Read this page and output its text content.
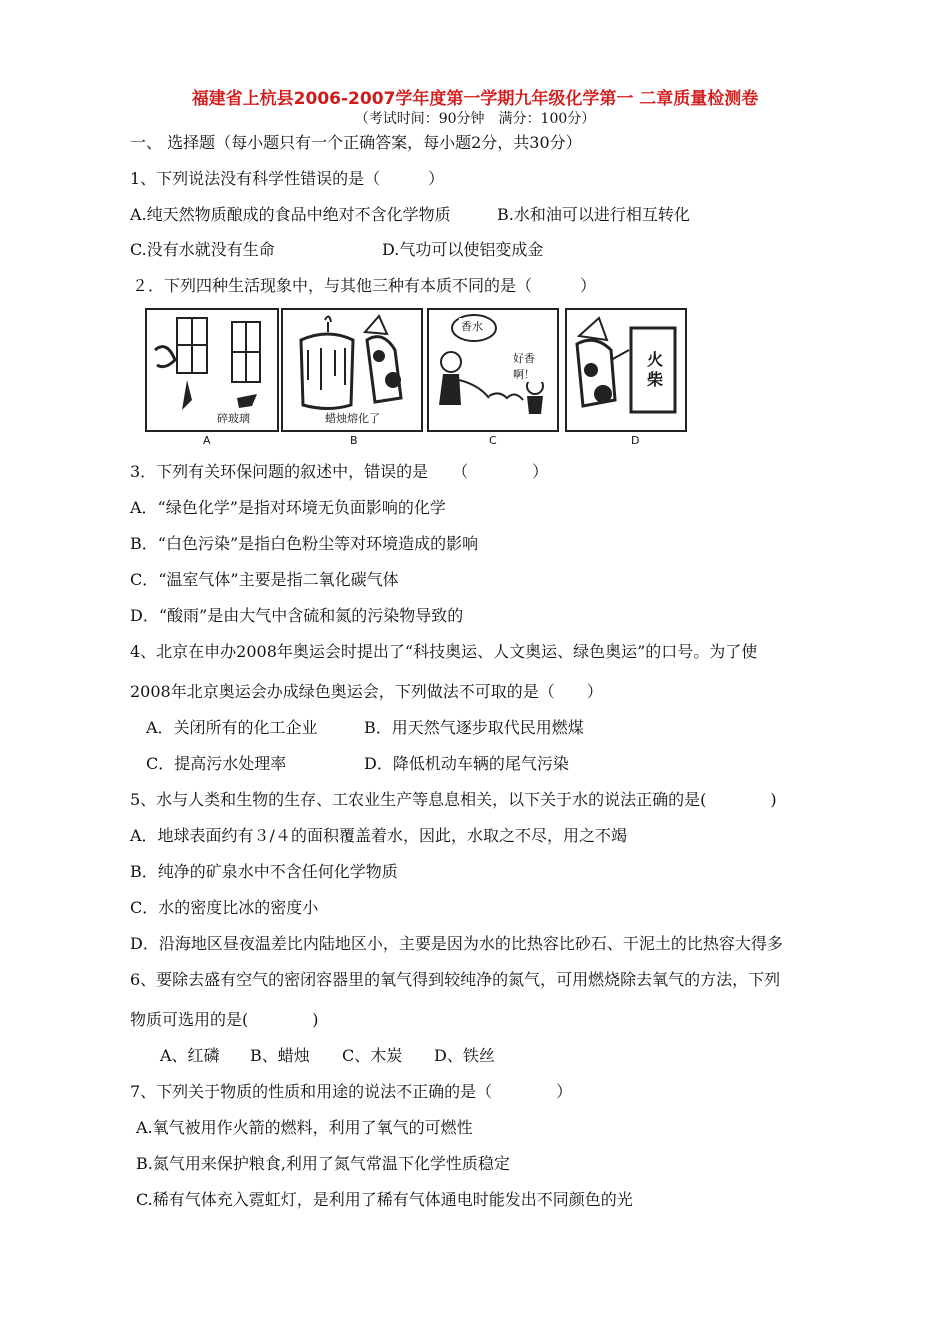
福建省上杭县2006-2007学年度第一学期九年级化学第一 二章质量检测卷
（考试时间：90分钟　满分：100分）
一、 选择题（每小题只有一个正确答案，每小题2分，共30分）
1、下列说法没有科学性错误的是（　　　）
A.纯天然物质酿成的食品中绝对不含化学物质	B.水和油可以进行相互转化
C.没有水就没有生命	D.气功可以使铝变成金
２．下列四种生活现象中，与其他三种有本质不同的是（　　　）
碎玻璃	蜡烛熔化了
香水
好香啊！
火柴
A	B	C	D
3．下列有关环保问题的叙述中，错误的是　　（　　　　）
A．“绿色化学”是指对环境无负面影响的化学
B．“白色污染”是指白色粉尘等对环境造成的影响
C．“温室气体”主要是指二氧化碳气体
D．“酸雨”是由大气中含硫和氮的污染物导致的
4、北京在申办2008年奥运会时提出了“科技奥运、人文奥运、绿色奥运”的口号。为了使
2008年北京奥运会办成绿色奥运会，下列做法不可取的是（　　）
A．关闭所有的化工企业	B．用天然气逐步取代民用燃煤
C．提高污水处理率	D．降低机动车辆的尾气污染
5、水与人类和生物的生存、工农业生产等息息相关，以下关于水的说法正确的是(　　　　)
A．地球表面约有３/４的面积覆盖着水，因此，水取之不尽，用之不竭
B．纯净的矿泉水中不含任何化学物质
C．水的密度比冰的密度小
D．沿海地区昼夜温差比内陆地区小，主要是因为水的比热容比砂石、干泥土的比热容大得多
6、要除去盛有空气的密闭容器里的氧气得到较纯净的氮气，可用燃烧除去氧气的方法，下列
物质可选用的是(　　　　)
A、红磷 B、蜡烛 C、木炭 D、铁丝
7、下列关于物质的性质和用途的说法不正确的是（　　　　）
A.氧气被用作火箭的燃料，利用了氧气的可燃性
B.氮气用来保护粮食,利用了氮气常温下化学性质稳定
C.稀有气体充入霓虹灯，是利用了稀有气体通电时能发出不同颜色的光
